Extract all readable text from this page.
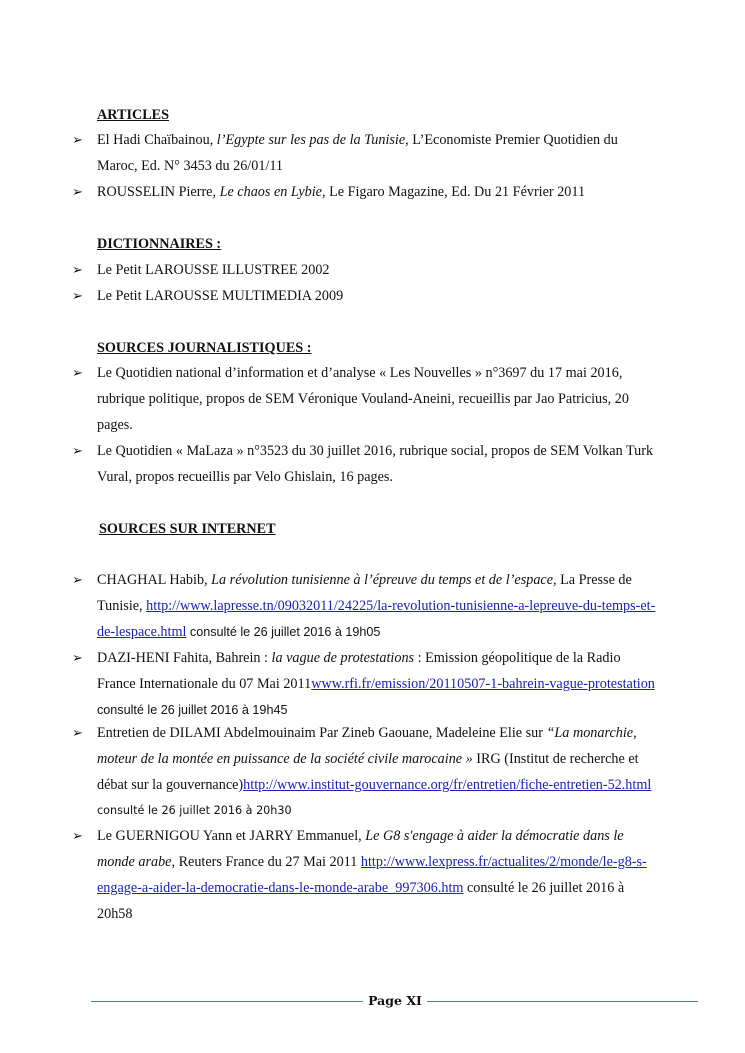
ARTICLES
➢ El Hadi Chaïbainou, l’Egypte sur les pas de la Tunisie, L’Economiste Premier Quotidien du
Maroc, Ed. N° 3453 du 26/01/11
➢ ROUSSELIN Pierre, Le chaos en Lybie, Le Figaro Magazine, Ed. Du 21 Février 2011
DICTIONNAIRES :
➢ Le Petit LAROUSSE ILLUSTREE 2002
➢ Le Petit LAROUSSE MULTIMEDIA 2009
SOURCES JOURNALISTIQUES :
➢ Le Quotidien national d’information et d’analyse « Les Nouvelles » n°3697 du 17 mai 2016,
rubrique politique, propos de SEM Véronique Vouland-Aneini, recueillis par Jao Patricius, 20
pages.
➢ Le Quotidien « MaLaza » n°3523 du 30 juillet 2016, rubrique social, propos de SEM Volkan Turk
Vural, propos recueillis par Velo Ghislain, 16 pages.
SOURCES SUR INTERNET
➢ CHAGHAL Habib, La révolution tunisienne à l’épreuve du temps et de l’espace, La Presse de
Tunisie, http://www.lapresse.tn/09032011/24225/la-revolution-tunisienne-a-lepreuve-du-temps-et-
de-lespace.html consulté le 26 juillet 2016 à 19h05
➢ DAZI-HENI Fahita, Bahrein : la vague de protestations : Emission géopolitique de la Radio
France Internationale du 07 Mai 2011www.rfi.fr/emission/20110507-1-bahrein-vague-protestation
consulté le 26 juillet 2016 à 19h45
➢ Entretien de DILAMI Abdelmouinaim Par Zineb Gaouane, Madeleine Elie sur “La monarchie,
moteur de la montée en puissance de la société civile marocaine » IRG (Institut de recherche et
débat sur la gouvernance)http://www.institut-gouvernance.org/fr/entretien/fiche-entretien-52.html
consulté le 26 juillet 2016 à 20h30
➢ Le GUERNIGOU Yann et JARRY Emmanuel, Le G8 s'engage à aider la démocratie dans le
monde arabe, Reuters France du 27 Mai 2011 http://www.lexpress.fr/actualites/2/monde/le-g8-s-
engage-a-aider-la-democratie-dans-le-monde-arabe_997306.htm consulté le 26 juillet 2016 à
20h58
Page XI
